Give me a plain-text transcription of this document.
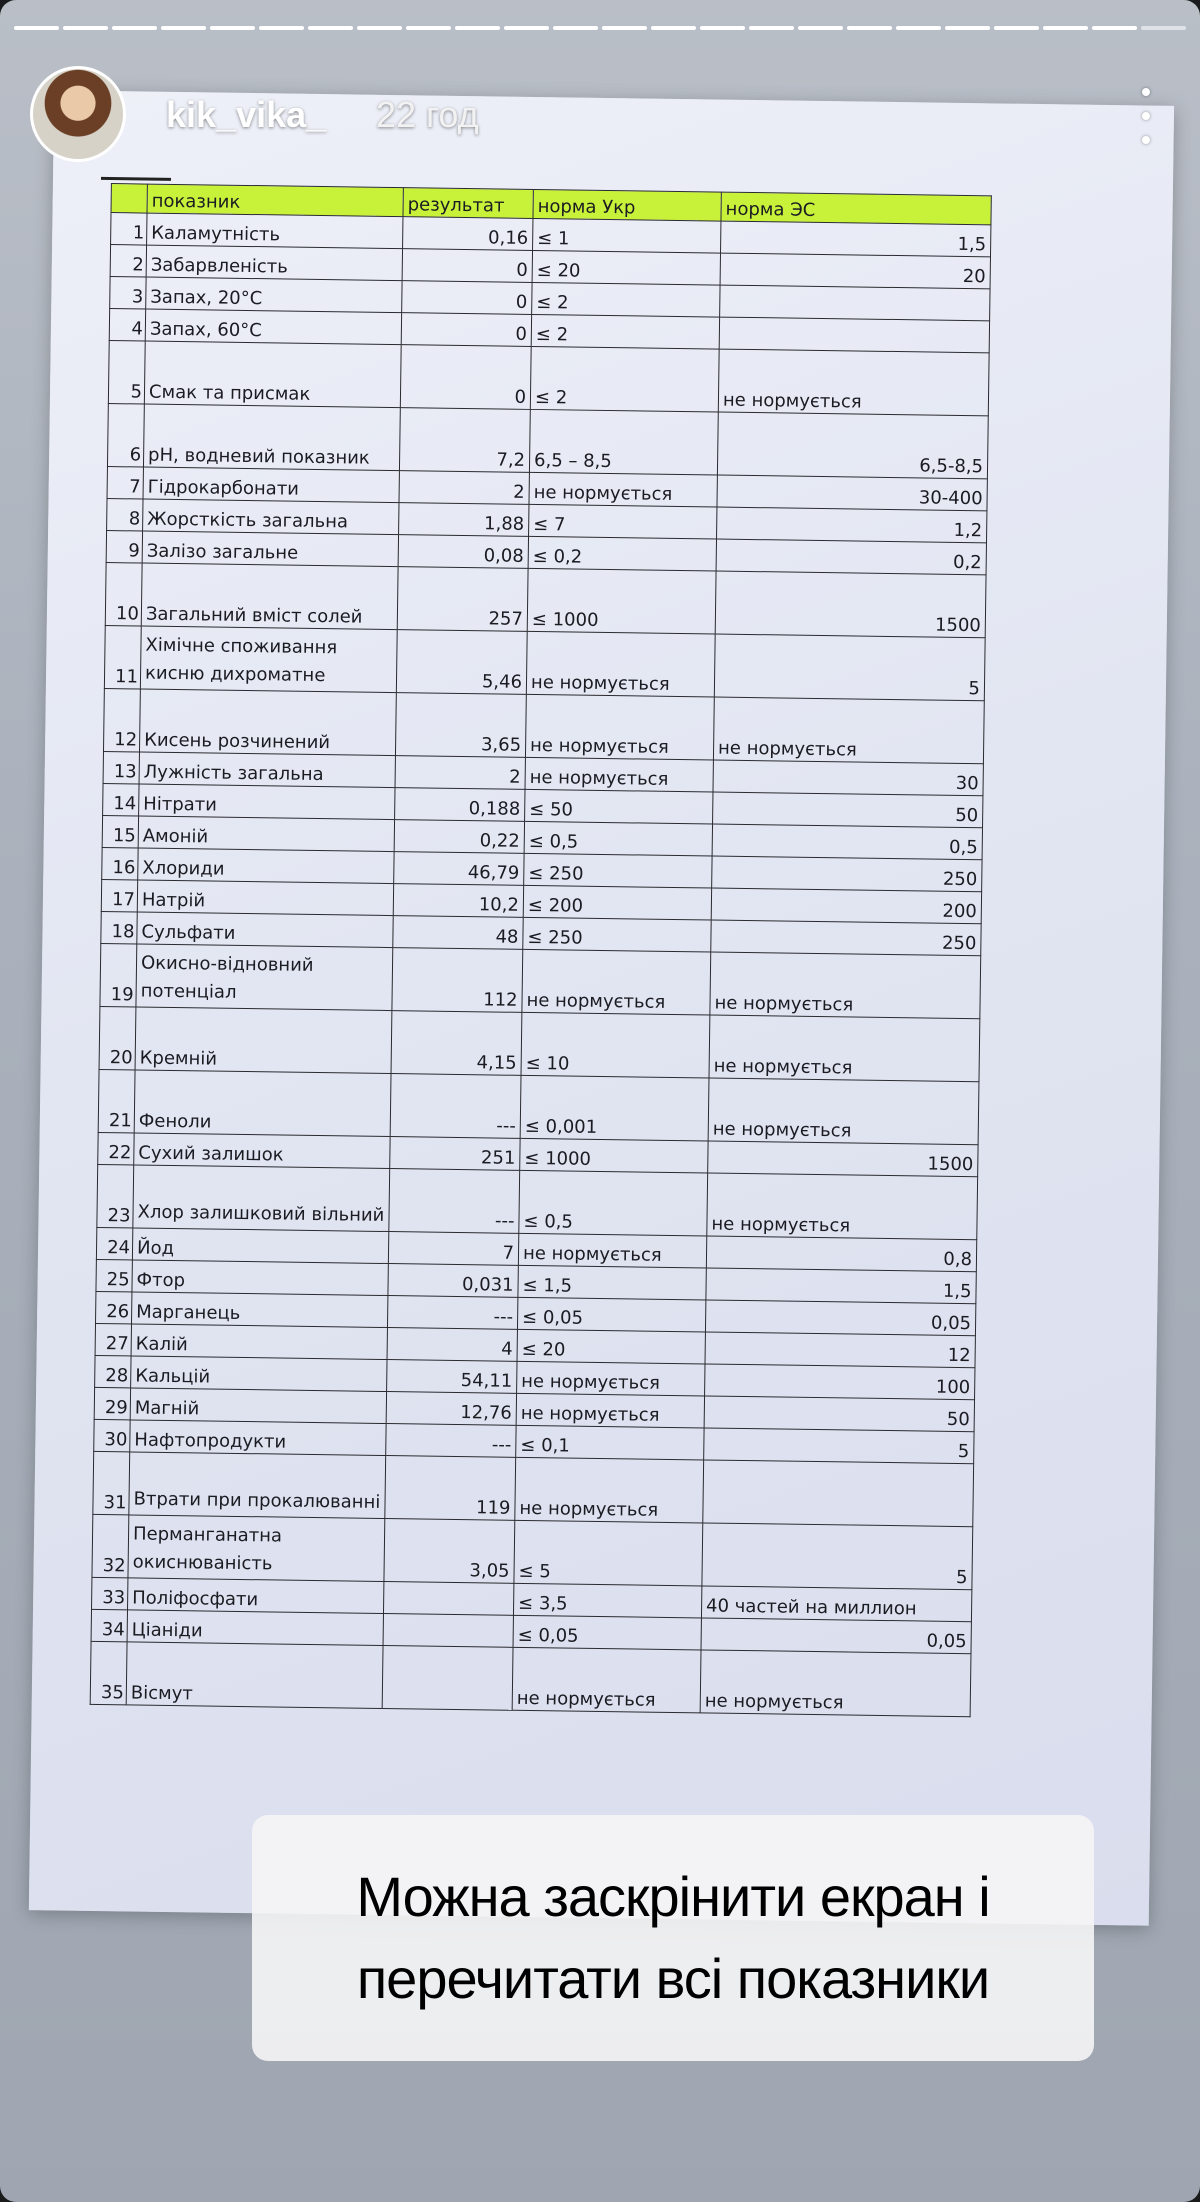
	показник	результат	норма Укр	норма ЭС
1	Каламутність	0,16	≤ 1	1,5
2	Забарвленість	0	≤ 20	20
3	Запах, 20°С	0	≤ 2	
4	Запах, 60°С	0	≤ 2	
5	Смак та присмак	0	≤ 2	не нормується
6	рН, водневий показник	7,2	6,5 – 8,5	6,5-8,5
7	Гідрокарбонати	2	не нормується	30-400
8	Жорсткість загальна	1,88	≤ 7	1,2
9	Залізо загальне	0,08	≤ 0,2	0,2
10	Загальний вміст солей	257	≤ 1000	1500
11	Хімічне споживання кисню дихроматне	5,46	не нормується	5
12	Кисень розчинений	3,65	не нормується	не нормується
13	Лужність загальна	2	не нормується	30
14	Нітрати	0,188	≤ 50	50
15	Амоній	0,22	≤ 0,5	0,5
16	Хлориди	46,79	≤ 250	250
17	Натрій	10,2	≤ 200	200
18	Сульфати	48	≤ 250	250
19	Окисно-відновний потенціал	112	не нормується	не нормується
20	Кремній	4,15	≤ 10	не нормується
21	Феноли	---	≤ 0,001	не нормується
22	Сухий залишок	251	≤ 1000	1500
23	Хлор залишковий вільний	---	≤ 0,5	не нормується
24	Йод	7	не нормується	0,8
25	Фтор	0,031	≤ 1,5	1,5
26	Марганець	---	≤ 0,05	0,05
27	Калій	4	≤ 20	12
28	Кальцій	54,11	не нормується	100
29	Магній	12,76	не нормується	50
30	Нафтопродукти	---	≤ 0,1	5
31	Втрати при прокалюванні	119	не нормується	
32	Перманганатна окиснюваність	3,05	≤ 5	5
33	Поліфосфати		≤ 3,5	40 частей на миллион
34	Ціаніди		≤ 0,05	0,05
35	Вісмут		не нормується	не нормується
kik_vika_ 22 год
Можна заскрінити екран і
перечитати всі показники
